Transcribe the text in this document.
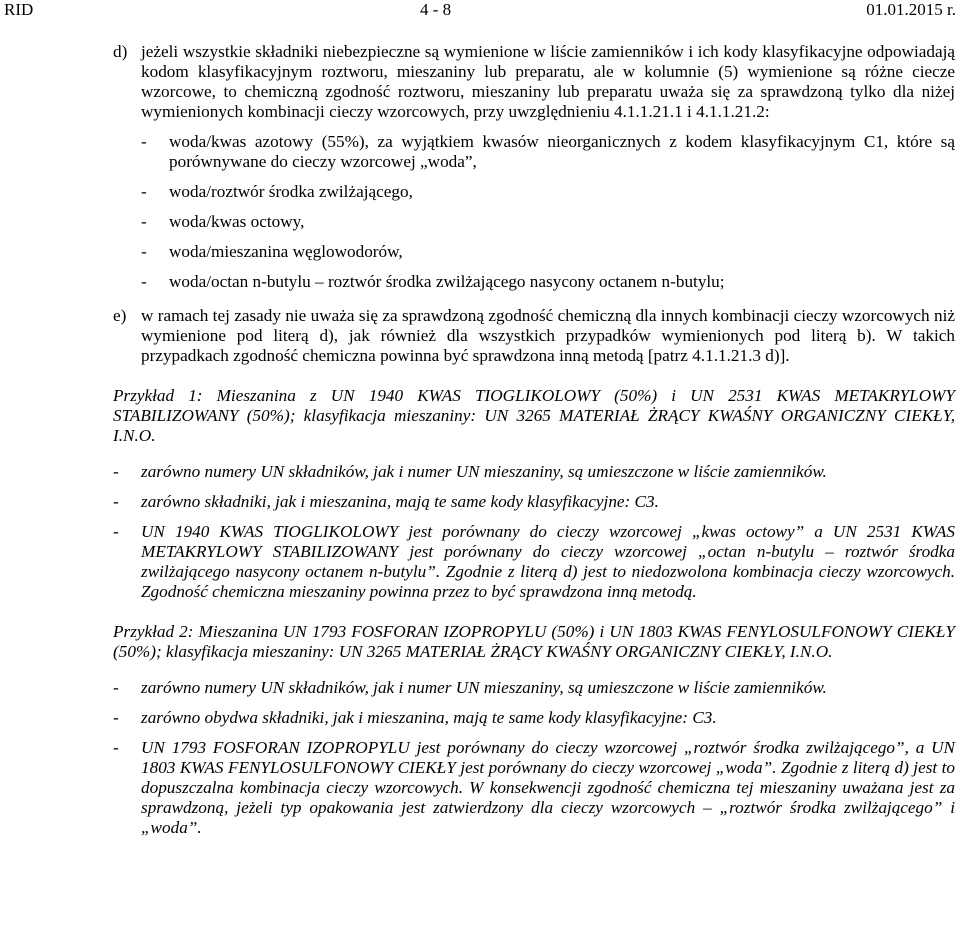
RID	4 - 8	01.01.2015 r.
d) jeżeli wszystkie składniki niebezpieczne są wymienione w liście zamienników i ich kody klasyfikacyjne odpowiadają kodom klasyfikacyjnym roztworu, mieszaniny lub preparatu, ale w kolumnie (5) wymienione są różne ciecze wzorcowe, to chemiczną zgodność roztworu, mieszaniny lub preparatu uważa się za sprawdzoną tylko dla niżej wymienionych kombinacji cieczy wzorcowych, przy uwzględnieniu 4.1.1.21.1 i 4.1.1.21.2:

- woda/kwas azotowy (55%), za wyjątkiem kwasów nieorganicznych z kodem klasyfikacyjnym C1, które są porównywane do cieczy wzorcowej „woda”,
- woda/roztwór środka zwilżającego,
- woda/kwas octowy,
- woda/mieszanina węglowodorów,
- woda/octan n-butylu – roztwór środka zwilżającego nasycony octanem n-butylu;
e) w ramach tej zasady nie uważa się za sprawdzoną zgodność chemiczną dla innych kombinacji cieczy wzorcowych niż wymienione pod literą d), jak również dla wszystkich przypadków wymienionych pod literą b). W takich przypadkach zgodność chemiczna powinna być sprawdzona inną metodą [patrz 4.1.1.21.3 d)].

Przykład 1: Mieszanina z UN 1940 KWAS TIOGLIKOLOWY (50%) i UN 2531 KWAS METAKRYLOWY STABILIZOWANY (50%); klasyfikacja mieszaniny: UN 3265 MATERIAŁ ŻRĄCY KWAŚNY ORGANICZNY CIEKŁY, I.N.O.

- zarówno numery UN składników, jak i numer UN mieszaniny, są umieszczone w liście zamienników.
- zarówno składniki, jak i mieszanina, mają te same kody klasyfikacyjne: C3.
- UN 1940 KWAS TIOGLIKOLOWY jest porównany do cieczy wzorcowej „kwas octowy” a UN 2531 KWAS METAKRYLOWY STABILIZOWANY jest porównany do cieczy wzorcowej „octan n-butylu – roztwór środka zwilżającego nasycony octanem n-butylu”. Zgodnie z literą d) jest to niedozwolona kombinacja cieczy wzorcowych. Zgodność chemiczna mieszaniny powinna przez to być sprawdzona inną metodą.

Przykład 2: Mieszanina UN 1793 FOSFORAN IZOPROPYLU (50%) i UN 1803 KWAS FENYLOSULFONOWY CIEKŁY (50%); klasyfikacja mieszaniny: UN 3265 MATERIAŁ ŻRĄCY KWAŚNY ORGANICZNY CIEKŁY, I.N.O.

- zarówno numery UN składników, jak i numer UN mieszaniny, są umieszczone w liście zamienników.
- zarówno obydwa składniki, jak i mieszanina, mają te same kody klasyfikacyjne: C3.
- UN 1793 FOSFORAN IZOPROPYLU jest porównany do cieczy wzorcowej „roztwór środka zwilżającego”, a UN 1803 KWAS FENYLOSULFONOWY CIEKŁY jest porównany do cieczy wzorcowej „woda”. Zgodnie z literą d) jest to dopuszczalna kombinacja cieczy wzorcowych. W konsekwencji zgodność chemiczna tej mieszaniny uważana jest za sprawdzoną, jeżeli typ opakowania jest zatwierdzony dla cieczy wzorcowych – „roztwór środka zwilżającego” i „woda”.
